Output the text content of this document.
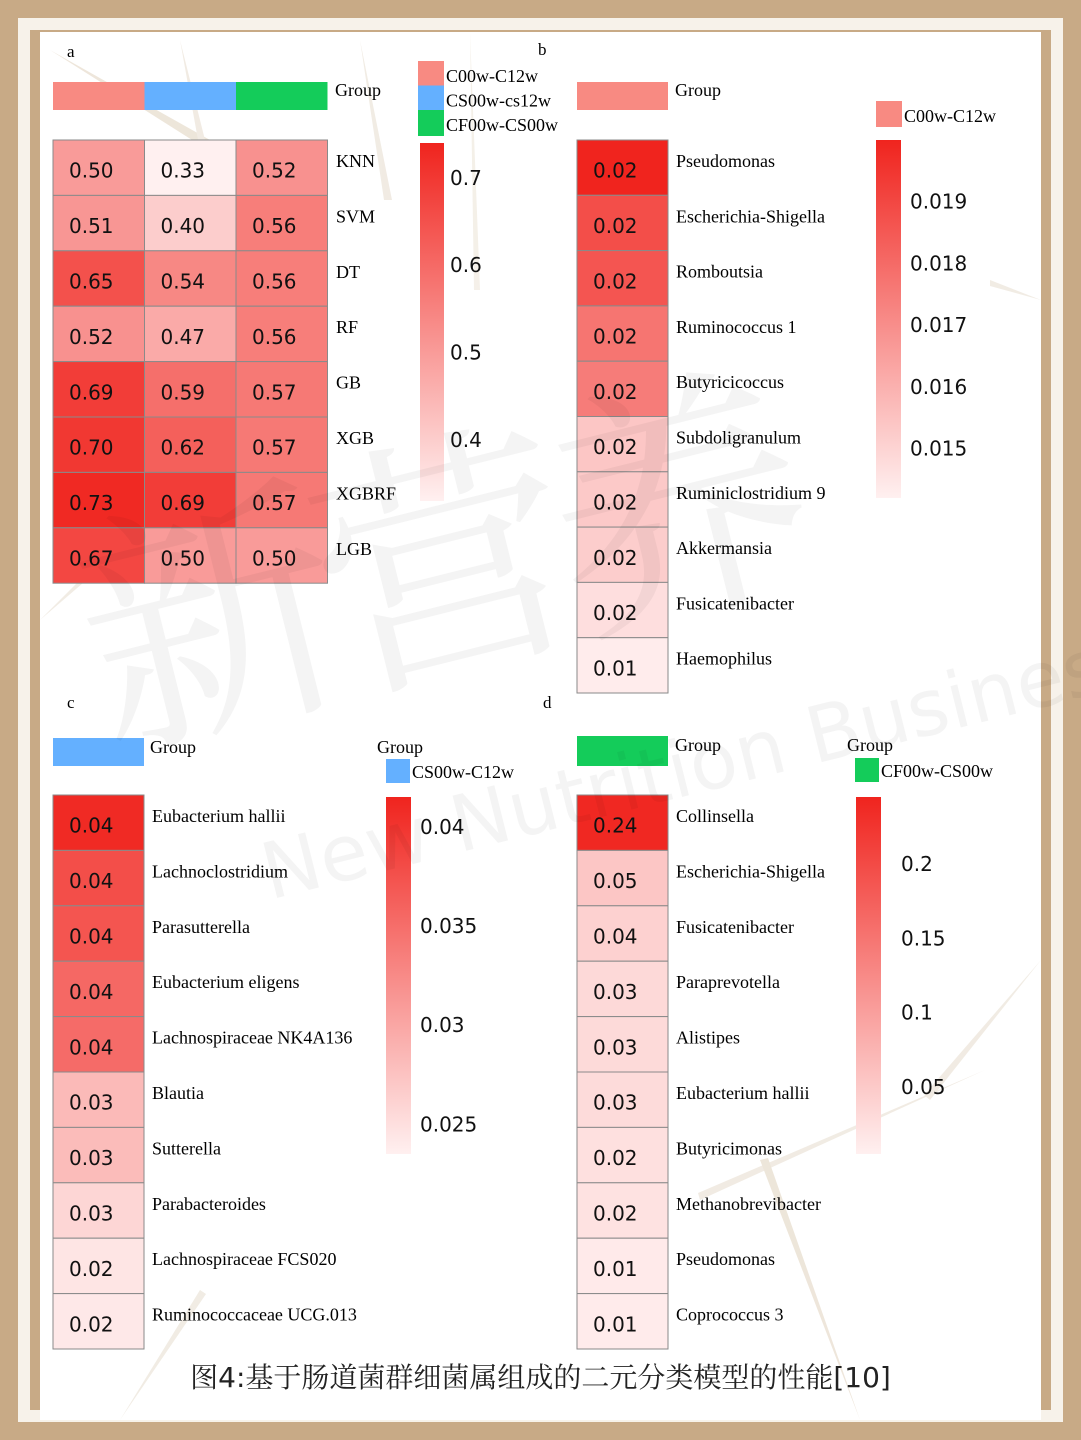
a
Group
0.50 0.33 0.52
0.51 0.40 0.56
0.65 0.54 0.56
0.52 0.47 0.56
0.69 0.59 0.57
0.70 0.62 0.57
0.73 0.69 0.57
0.67 0.50 0.50
KNN
SVM
DT
RF
GB
XGB
XGBRF
LGB
C00w-C12w
CS00w-cs12w
CF00w-CS00w
0.7
0.6
0.5
0.4
b
Group
0.02
0.02
0.02
0.02
0.02
0.02
0.02
0.02
0.02
0.01
Pseudomonas
Escherichia-Shigella
Romboutsia
Ruminococcus 1
Butyricicoccus
Subdoligranulum
Ruminiclostridium 9
Akkermansia
Fusicatenibacter
Haemophilus
C00w-C12w
0.019
0.018
0.017
0.016
0.015
c
Group	Group
0.04
0.04
0.04
0.04
0.04
0.03
0.03
0.03
0.02
0.02
Eubacterium hallii
Lachnoclostridium
Parasutterella
Eubacterium eligens
Lachnospiraceae NK4A136
Blautia
Sutterella
Parabacteroides
Lachnospiraceae FCS020
Ruminococcaceae UCG.013
CS00w-C12w
0.04
0.035
0.03
0.025
d
Group	Group
0.24
0.05
0.04
0.03
0.03
0.03
0.02
0.02
0.01
0.01
Collinsella
Escherichia-Shigella
Fusicatenibacter
Paraprevotella
Alistipes
Eubacterium hallii
Butyricimonas
Methanobrevibacter
Pseudomonas
Coprococcus 3
CF00w-CS00w
0.2
0.15
0.1
0.05
图4:基于肠道菌群细菌属组成的二元分类模型的性能[10]
